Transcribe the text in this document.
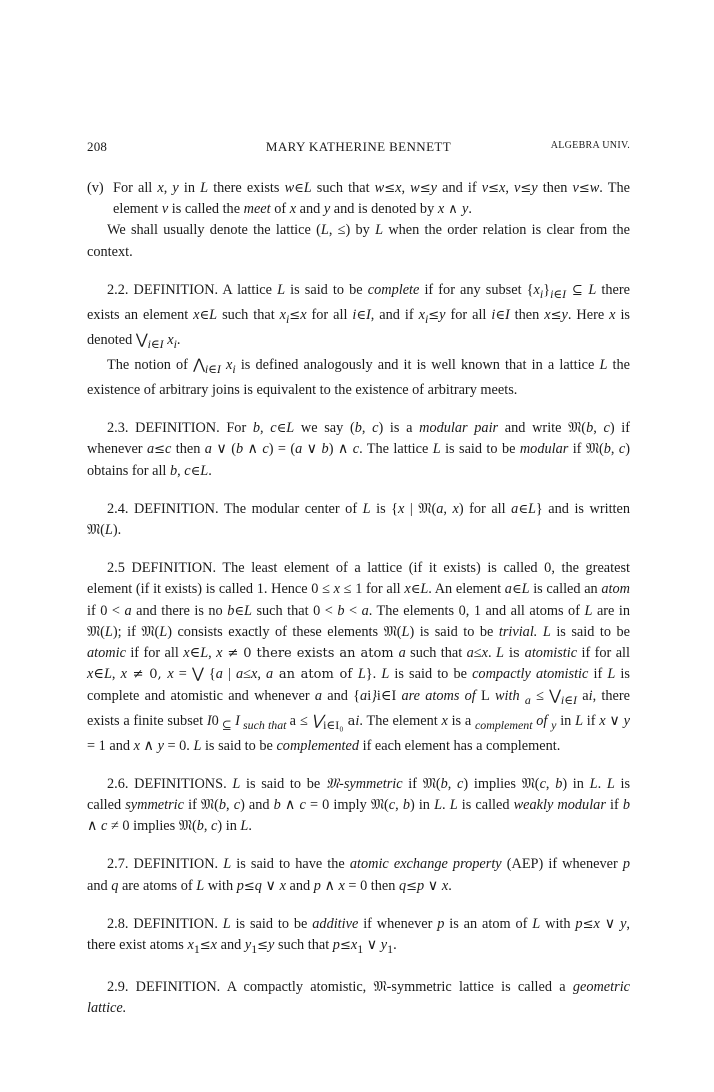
208	MARY KATHERINE BENNETT	ALGEBRA UNIV.

(v) For all x, y in L there exists w∈L such that w≤x, w≤y and if v≤x, v≤y then v≤w. The element v is called the meet of x and y and is denoted by x ∧ y.

We shall usually denote the lattice (L, ≤) by L when the order relation is clear from the context.

2.2. DEFINITION. A lattice L is said to be complete if for any subset $\{x_i\}_{i\in I}$ ⊆ L there exists an element x∈L such that $x_i\le x$ for all i∈I, and if $x_i\le y$ for all i∈I then x≤y. Here x is denoted $⋁_{i\in I}$ $x_i$.

The notion of $⋀_{i\in I}$ $x_i$ is defined analogously and it is well known that in a lattice L the existence of arbitrary joins is equivalent to the existence of arbitrary meets.

2.3. DEFINITION. For b, c∈L we say (b, c) is a modular pair and write 𝔐(b, c) if whenever a≤c then a ∨ (b ∧ c) = (a ∨ b) ∧ c. The lattice L is said to be modular if 𝔐(b, c) obtains for all b, c∈L.

2.4. DEFINITION. The modular center of L is {x | 𝔐(a, x) for all a∈L} and is written 𝔐(L).

2.5 DEFINITION. The least element of a lattice (if it exists) is called 0, the greatest element (if it exists) is called 1. Hence 0 ≤ x ≤ 1 for all x∈L. An element a∈L is called an atom if 0 < a and there is no b∈L such that 0 < b < a. The elements 0, 1 and all atoms of L are in 𝔐(L); if 𝔐(L) consists exactly of these elements 𝔐(L) is said to be trivial. L is said to be atomic if for all x∈L, x ≠ 0 there exists an atom a such that a≤x. L is atomistic if for all x∈L, x ≠ 0, x = ⋁ {a | a≤x, a an atom of L}. L is said to be compactly atomistic if L is complete and atomistic and whenever a and {ai}i∈I are atoms of L with $_a \le ⋁_{i\in I}$ ai, there exists a finite subset I0 $_⊆$ I $_{such that}$ $a \le ⋁_{i\in I_0}$ ai. The element x is a $_{complement}$ of $_y$ in L if x ∨ y = 1 and x ∧ y = 0. L is said to be complemented if each element has a complement.

2.6. DEFINITIONS. L is said to be 𝔐-symmetric if 𝔐(b, c) implies 𝔐(c, b) in L. L is called symmetric if 𝔐(b, c) and b ∧ c = 0 imply 𝔐(c, b) in L. L is called weakly modular if b ∧ c ≠ 0 implies 𝔐(b, c) in L.

2.7. DEFINITION. L is said to have the atomic exchange property (AEP) if whenever p and q are atoms of L with p≤q ∨ x and p ∧ x = 0 then q≤p ∨ x.

2.8. DEFINITION. L is said to be additive if whenever p is an atom of L with p≤x ∨ y, there exist atoms $x_1\le x$ and $y_1\le y$ such that $p\le x_1$ ∨ $y_1$.

2.9. DEFINITION. A compactly atomistic, 𝔐-symmetric lattice is called a geometric lattice.
